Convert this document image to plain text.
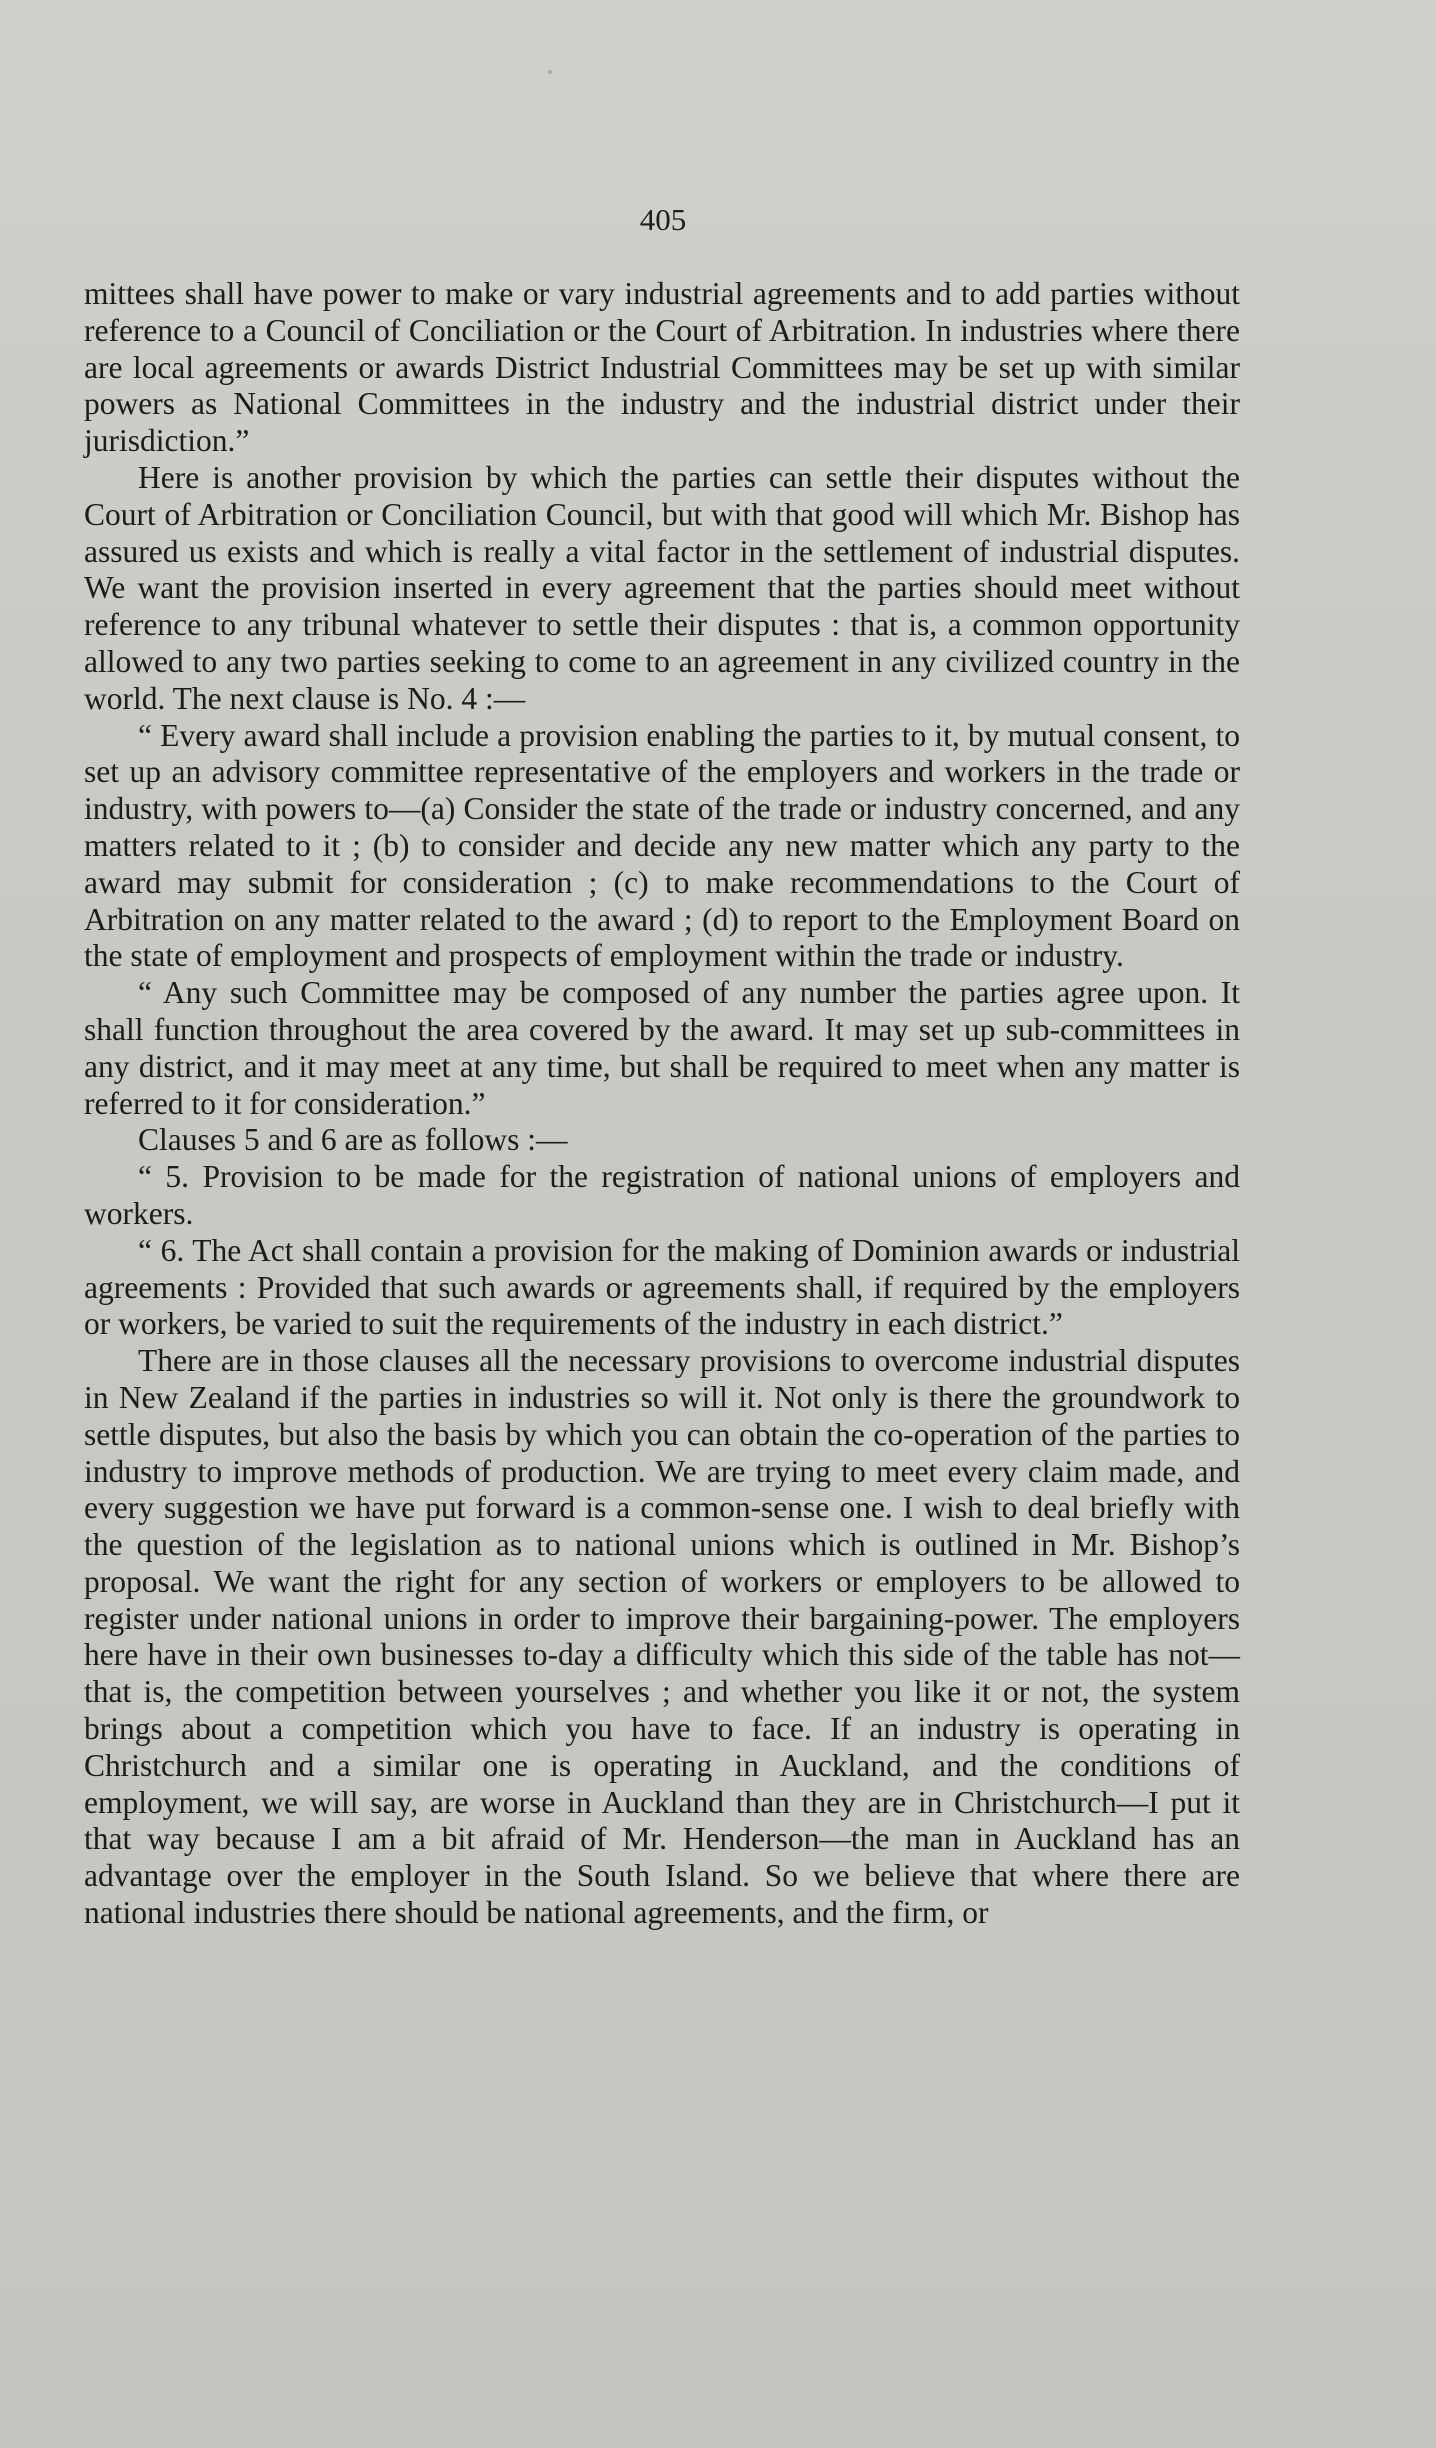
405

mittees shall have power to make or vary industrial agreements and to add parties without reference to a Council of Conciliation or the Court of Arbitration. In industries where there are local agreements or awards District Industrial Committees may be set up with similar powers as National Committees in the industry and the industrial district under their jurisdiction.”

Here is another provision by which the parties can settle their disputes without the Court of Arbitration or Conciliation Council, but with that good will which Mr. Bishop has assured us exists and which is really a vital factor in the settlement of industrial disputes. We want the provision inserted in every agreement that the parties should meet without reference to any tribunal whatever to settle their disputes : that is, a common opportunity allowed to any two parties seeking to come to an agreement in any civilized country in the world. The next clause is No. 4 :—

“ Every award shall include a provision enabling the parties to it, by mutual consent, to set up an advisory committee representative of the employers and workers in the trade or industry, with powers to—(a) Consider the state of the trade or industry concerned, and any matters related to it ; (b) to consider and decide any new matter which any party to the award may submit for consideration ; (c) to make recommendations to the Court of Arbitration on any matter related to the award ; (d) to report to the Employment Board on the state of employment and prospects of employment within the trade or industry.

“ Any such Committee may be composed of any number the parties agree upon. It shall function throughout the area covered by the award. It may set up sub-committees in any district, and it may meet at any time, but shall be required to meet when any matter is referred to it for consideration.”

Clauses 5 and 6 are as follows :—

“ 5. Provision to be made for the registration of national unions of employers and workers.

“ 6. The Act shall contain a provision for the making of Dominion awards or industrial agreements : Provided that such awards or agreements shall, if required by the employers or workers, be varied to suit the requirements of the industry in each district.”

There are in those clauses all the necessary provisions to overcome industrial disputes in New Zealand if the parties in industries so will it. Not only is there the groundwork to settle disputes, but also the basis by which you can obtain the co-operation of the parties to industry to improve methods of production. We are trying to meet every claim made, and every suggestion we have put forward is a common-sense one. I wish to deal briefly with the question of the legislation as to national unions which is outlined in Mr. Bishop’s proposal. We want the right for any section of workers or employers to be allowed to register under national unions in order to improve their bargaining-power. The employers here have in their own businesses to-day a difficulty which this side of the table has not—that is, the competition between yourselves ; and whether you like it or not, the system brings about a competition which you have to face. If an industry is operating in Christchurch and a similar one is operating in Auckland, and the conditions of employment, we will say, are worse in Auckland than they are in Christchurch—I put it that way because I am a bit afraid of Mr. Henderson—the man in Auckland has an advantage over the employer in the South Island. So we believe that where there are national industries there should be national agreements, and the firm, or
